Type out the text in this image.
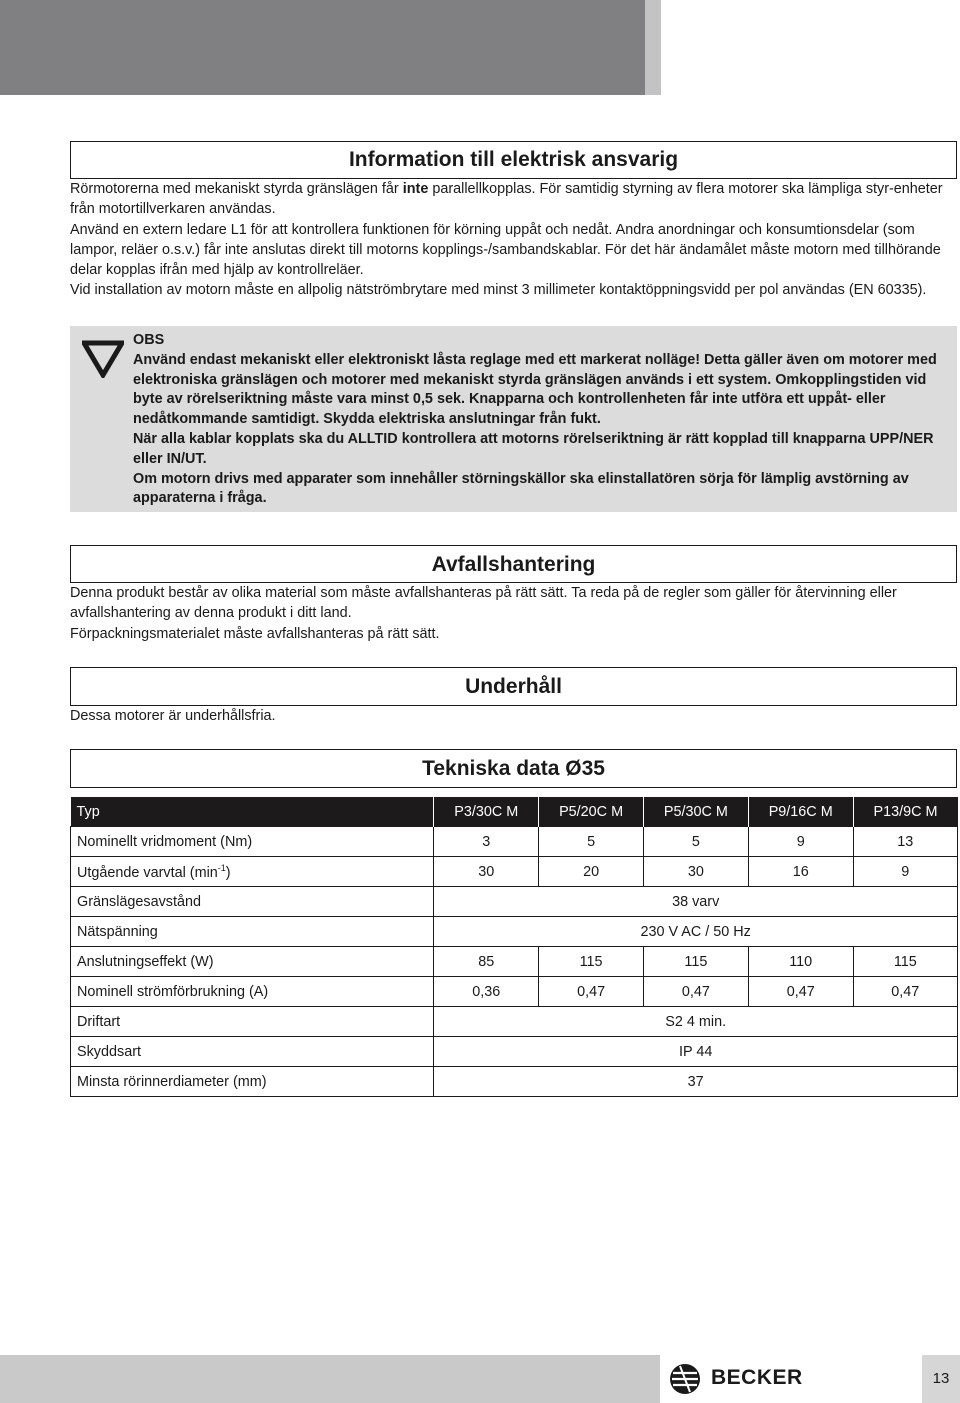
Information till elektrisk ansvarig

Rörmotorerna med mekaniskt styrda gränslägen får inte parallellkopplas. För samtidig styrning av flera motorer ska lämpliga styr-enheter från motortillverkaren användas.

Använd en extern ledare L1 för att kontrollera funktionen för körning uppåt och nedåt. Andra anordningar och konsumtionsdelar (som lampor, reläer o.s.v.) får inte anslutas direkt till motorns kopplings-/sambandskablar. För det här ändamålet måste motorn med tillhörande delar kopplas ifrån med hjälp av kontrollreläer.

Vid installation av motorn måste en allpolig nätströmbrytare med minst 3 millimeter kontaktöppningsvidd per pol användas (EN 60335).

OBS

Använd endast mekaniskt eller elektroniskt låsta reglage med ett markerat nolläge! Detta gäller även om motorer med elektroniska gränslägen och motorer med mekaniskt styrda gränslägen används i ett system. Omkopplingstiden vid byte av rörelseriktning måste vara minst 0,5 sek. Knapparna och kontrollenheten får inte utföra ett uppåt- eller nedåtkommande samtidigt. Skydda elektriska anslutningar från fukt.

När alla kablar kopplats ska du ALLTID kontrollera att motorns rörelseriktning är rätt kopplad till knapparna UPP/NER eller IN/UT.

Om motorn drivs med apparater som innehåller störningskällor ska elinstallatören sörja för lämplig avstörning av apparaterna i fråga.

Avfallshantering

Denna produkt består av olika material som måste avfallshanteras på rätt sätt. Ta reda på de regler som gäller för återvinning eller avfallshantering av denna produkt i ditt land.

Förpackningsmaterialet måste avfallshanteras på rätt sätt.

Underhåll

Dessa motorer är underhållsfria.

Tekniska data Ø35
Typ	P3/30C M	P5/20C M	P5/30C M	P9/16C M	P13/9C M
Nominellt vridmoment (Nm)	3	5	5	9	13
Utgående varvtal $(\min^{-1})$	30	20	30	16	9
Gränslägesavstånd	38 varv				
Nätspänning	230 V AC / 50 Hz				
Anslutningseffekt (W)	85	115	115	110	115
Nominell strömförbrukning (A)	0,36	0,47	0,47	0,47	0,47
Driftart	S2 4 min.				
Skyddsart	IP 44				
Minsta rörinnerdiameter (mm)	37				
BECKER	13
